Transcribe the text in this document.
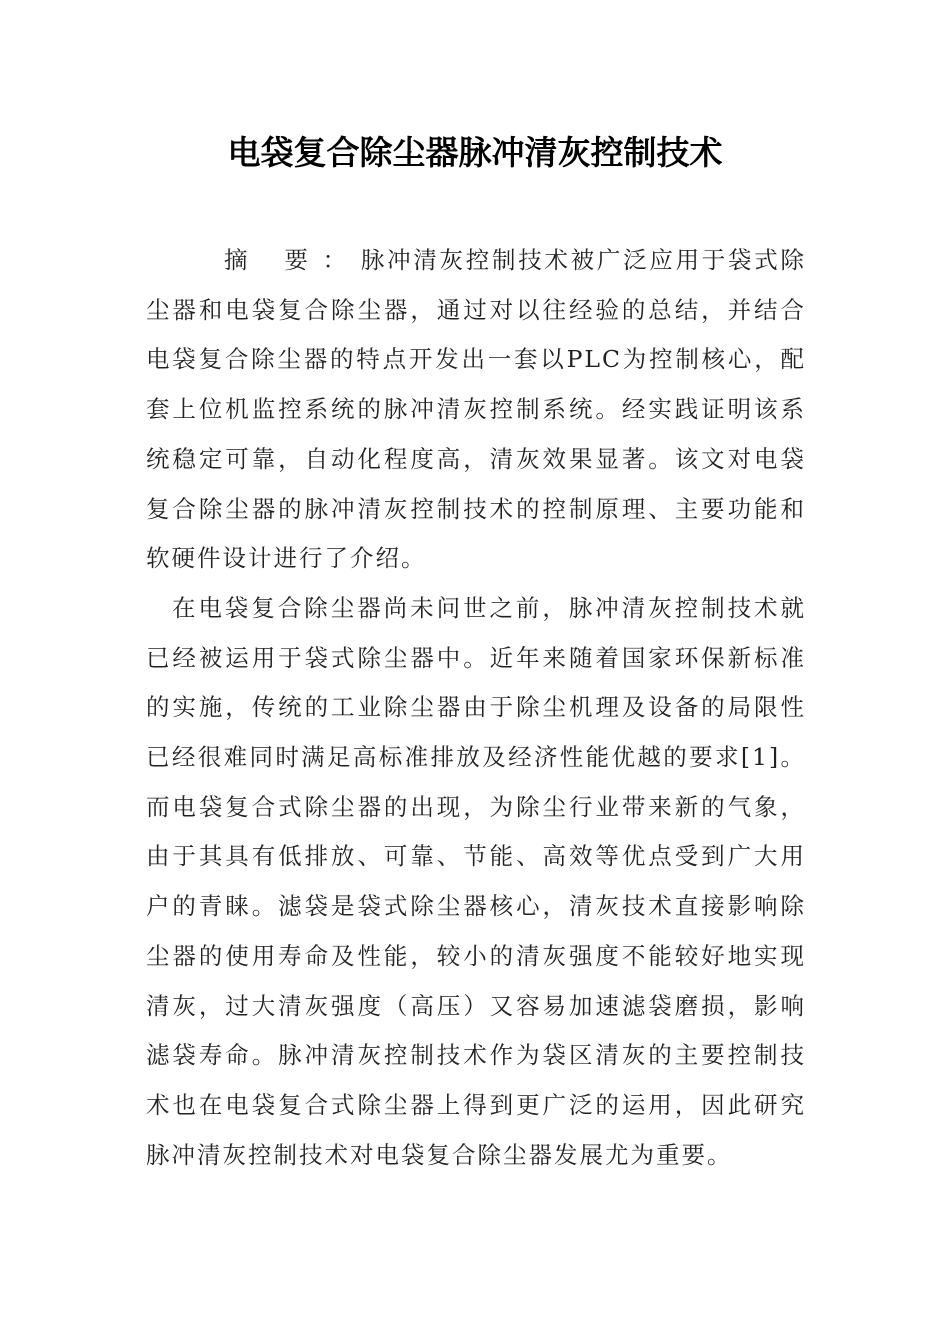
电袋复合除尘器脉冲清灰控制技术

摘 要：脉冲清灰控制技术被广泛应用于袋式除尘器和电袋复合除尘器，通过对以往经验的总结，并结合电袋复合除尘器的特点开发出一套以PLC为控制核心，配套上位机监控系统的脉冲清灰控制系统。经实践证明该系统稳定可靠，自动化程度高，清灰效果显著。该文对电袋复合除尘器的脉冲清灰控制技术的控制原理、主要功能和软硬件设计进行了介绍。

在电袋复合除尘器尚未问世之前，脉冲清灰控制技术就已经被运用于袋式除尘器中。近年来随着国家环保新标准的实施，传统的工业除尘器由于除尘机理及设备的局限性已经很难同时满足高标准排放及经济性能优越的要求[1]。而电袋复合式除尘器的出现，为除尘行业带来新的气象，由于其具有低排放、可靠、节能、高效等优点受到广大用户的青睐。滤袋是袋式除尘器核心，清灰技术直接影响除尘器的使用寿命及性能，较小的清灰强度不能较好地实现清灰，过大清灰强度（高压）又容易加速滤袋磨损，影响滤袋寿命。脉冲清灰控制技术作为袋区清灰的主要控制技术也在电袋复合式除尘器上得到更广泛的运用，因此研究脉冲清灰控制技术对电袋复合除尘器发展尤为重要。
